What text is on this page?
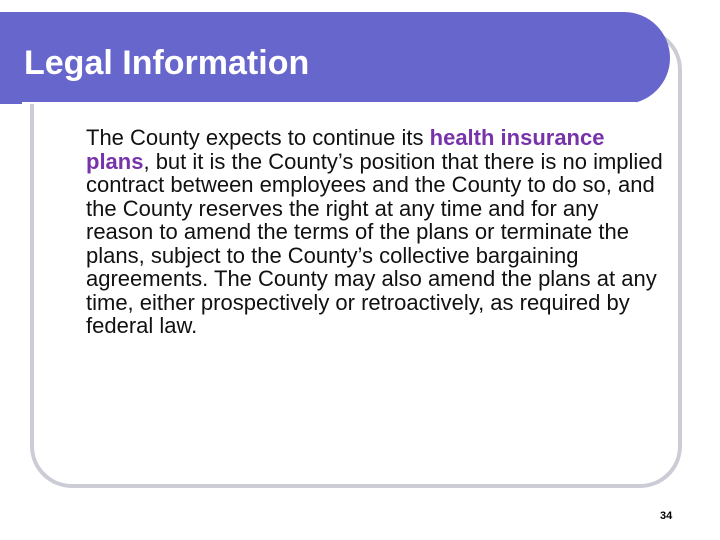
Legal Information
The County expects to continue its health insurance plans, but it is the County’s position that there is no implied contract between employees and the County to do so, and the County reserves the right at any time and for any reason to amend the terms of the plans or terminate the plans, subject to the County’s collective bargaining agreements. The County may also amend the plans at any time, either prospectively or retroactively, as required by federal law.
34
